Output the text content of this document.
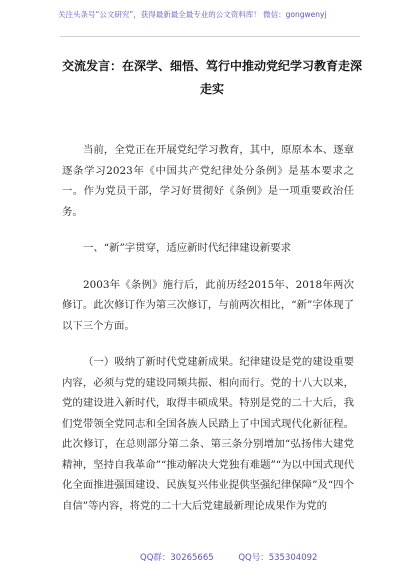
关注头条号“公文研究”，获得最新最全最专业的公文资料库！ 微信：gongwenyj
交流发言：在深学、细悟、笃行中推动党纪学习教育走深
走实

当前，全党正在开展党纪学习教育，其中，原原本本、逐章逐条学习2023年《中国共产党纪律处分条例》是基本要求之一。作为党员干部，学习好贯彻好《条例》是一项重要政治任务。

一、“新”字贯穿，适应新时代纪律建设新要求

2003年《条例》施行后，此前历经2015年、2018年两次修订。此次修订作为第三次修订，与前两次相比，“新”字体现了以下三个方面。

（一）吸纳了新时代党建新成果。纪律建设是党的建设重要内容，必须与党的建设同频共振、相向而行。党的十八大以来，党的建设进入新时代，取得丰硕成果。特别是党的二十大后，我们党带领全党同志和全国各族人民踏上了中国式现代化新征程。此次修订，在总则部分第二条、第三条分别增加“弘扬伟大建党精神，坚持自我革命”“推动解决大党独有难题”“为以中国式现代化全面推进强国建设、民族复兴伟业提供坚强纪律保障”及“四个自信”等内容，将党的二十大后党建最新理论成果作为党的

QQ群：30265665	QQ号：535304092
